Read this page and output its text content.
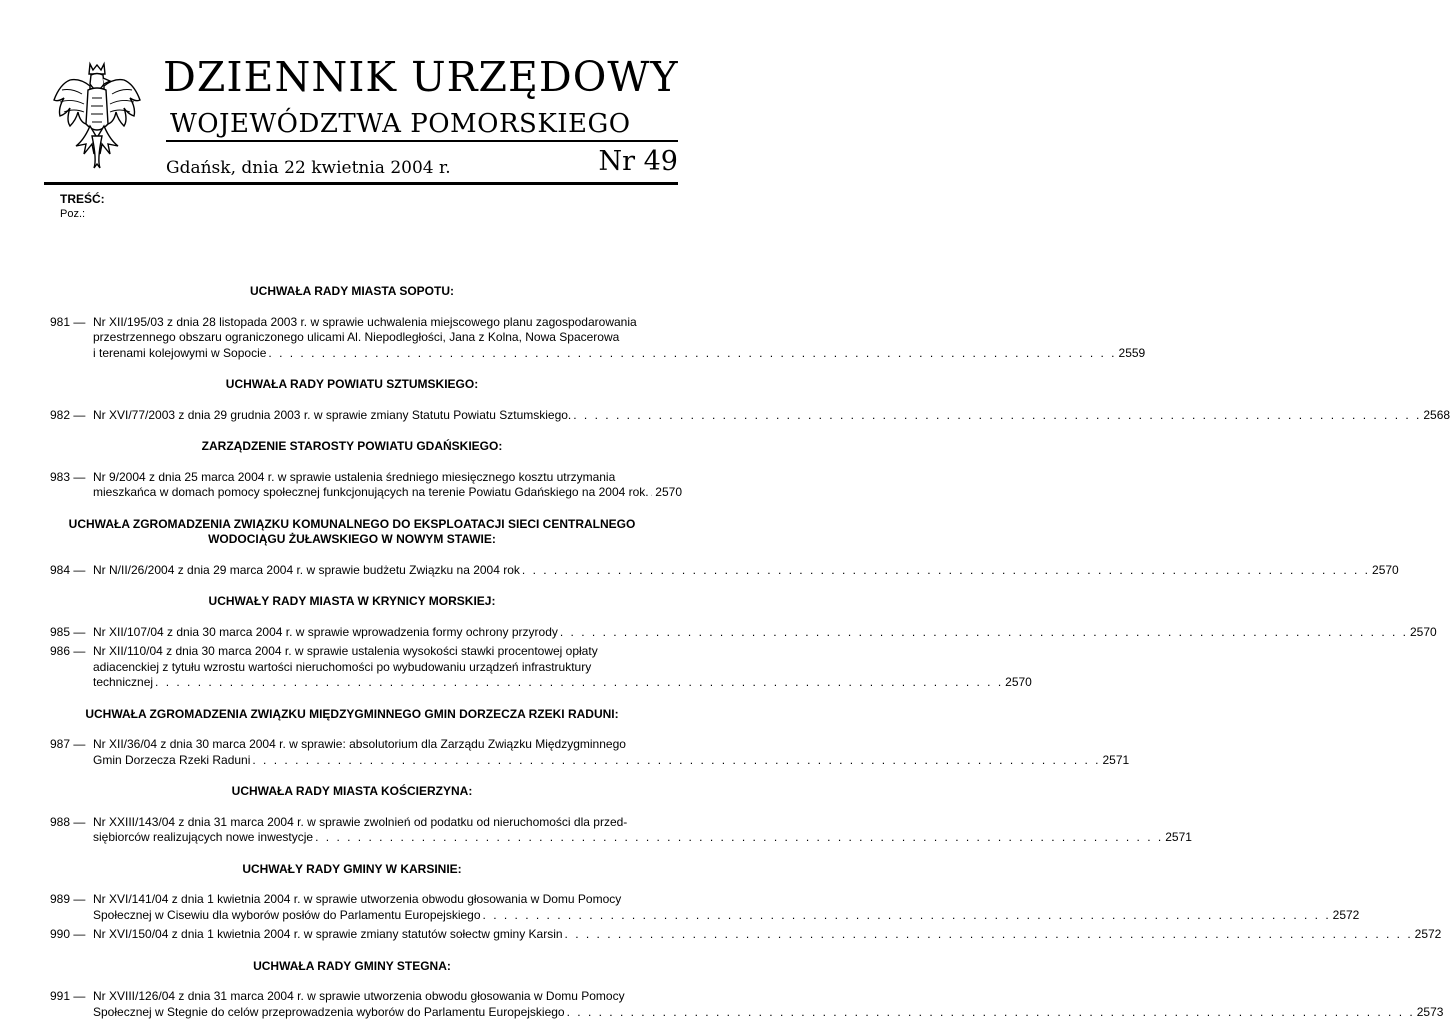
DZIENNIK URZĘDOWY
WOJEWÓDZTWA POMORSKIEGO
Gdańsk, dnia 22 kwietnia 2004 r.	Nr 49
TREŚĆ:
Poz.:
UCHWAŁA RADY MIASTA SOPOTU:
981 — Nr XII/195/03 z dnia 28 listopada 2003 r. w sprawie uchwalenia miejscowego planu zagospodarowania
przestrzennego obszaru ograniczonego ulicami Al. Niepodległości, Jana z Kolna, Nowa Spacerowa
i terenami kolejowymi w Sopocie . . . . . . . . . . . . . . . . . . . . . . . . . . . . . . . . . . . . . . . . . . . . . . . . . . . . . . . . . . . . . . . . . . . . . . . . . . . . . . . . 2559
UCHWAŁA RADY POWIATU SZTUMSKIEGO:
982 — Nr XVI/77/2003 z dnia 29 grudnia 2003 r. w sprawie zmiany Statutu Powiatu Sztumskiego. . . . . . . . . . . . . . . . . . . . . . . . . . . . . . . . . . . . . . . . . . . . . . . . . . . . . . . . . . . . . . . . . . . . . . . . . . . . . . . . . 2568
ZARZĄDZENIE STAROSTY POWIATU GDAŃSKIEGO:
983 — Nr 9/2004 z dnia 25 marca 2004 r. w sprawie ustalenia średniego miesięcznego kosztu utrzymania
mieszkańca w domach pomocy społecznej funkcjonujących na terenie Powiatu Gdańskiego na 2004 rok. 2570
UCHWAŁA ZGROMADZENIA ZWIĄZKU KOMUNALNEGO DO EKSPLOATACJI SIECI CENTRALNEGO WODOCIĄGU ŻUŁAWSKIEGO W NOWYM STAWIE:
984 — Nr N/II/26/2004 z dnia 29 marca 2004 r. w sprawie budżetu Związku na 2004 rok . . . . . . . . . . . . . . . . . . . . . . . . . . . . . . . . . . . . . . . . . . . . . . . . . . . . . . . . . . . . . . . . . . . . . . . . . . . . . . . . 2570
UCHWAŁY RADY MIASTA W KRYNICY MORSKIEJ:
985 — Nr XII/107/04 z dnia 30 marca 2004 r. w sprawie wprowadzenia formy ochrony przyrody . . . . . . . . . . . . . . . . . . . . . . . . . . . . . . . . . . . . . . . . . . . . . . . . . . . . . . . . . . . . . . . . . . . . . . . . . . . . . . . . 2570
986 — Nr XII/110/04 z dnia 30 marca 2004 r. w sprawie ustalenia wysokości stawki procentowej opłaty
adiacenckiej z tytułu wzrostu wartości nieruchomości po wybudowaniu urządzeń infrastruktury
technicznej . . . . . . . . . . . . . . . . . . . . . . . . . . . . . . . . . . . . . . . . . . . . . . . . . . . . . . . . . . . . . . . . . . . . . . . . . . . . . . . . 2570
UCHWAŁA ZGROMADZENIA ZWIĄZKU MIĘDZYGMINNEGO GMIN DORZECZA RZEKI RADUNI:
987 — Nr XII/36/04 z dnia 30 marca 2004 r. w sprawie: absolutorium dla Zarządu Związku Międzygminnego
Gmin Dorzecza Rzeki Raduni . . . . . . . . . . . . . . . . . . . . . . . . . . . . . . . . . . . . . . . . . . . . . . . . . . . . . . . . . . . . . . . . . . . . . . . . . . . . . . . . 2571
UCHWAŁA RADY MIASTA KOŚCIERZYNA:
988 — Nr XXIII/143/04 z dnia 31 marca 2004 r. w sprawie zwolnień od podatku od nieruchomości dla przed-
siębiorców realizujących nowe inwestycje . . . . . . . . . . . . . . . . . . . . . . . . . . . . . . . . . . . . . . . . . . . . . . . . . . . . . . . . . . . . . . . . . . . . . . . . . . . . . . . . 2571
UCHWAŁY RADY GMINY W KARSINIE:
989 — Nr XVI/141/04 z dnia 1 kwietnia 2004 r. w sprawie utworzenia obwodu głosowania w Domu Pomocy
Społecznej w Cisewiu dla wyborów posłów do Parlamentu Europejskiego . . . . . . . . . . . . . . . . . . . . . . . . . . . . . . . . . . . . . . . . . . . . . . . . . . . . . . . . . . . . . . . . . . . . . . . . . . . . . . . . 2572
990 — Nr XVI/150/04 z dnia 1 kwietnia 2004 r. w sprawie zmiany statutów sołectw gminy Karsin . . . . . . . . . . . . . . . . . . . . . . . . . . . . . . . . . . . . . . . . . . . . . . . . . . . . . . . . . . . . . . . . . . . . . . . . . . . . . . . . 2572
UCHWAŁA RADY GMINY STEGNA:
991 — Nr XVIII/126/04 z dnia 31 marca 2004 r. w sprawie utworzenia obwodu głosowania w Domu Pomocy
Społecznej w Stegnie do celów przeprowadzenia wyborów do Parlamentu Europejskiego . . . . . . . . . . . . . . . . . . . . . . . . . . . . . . . . . . . . . . . . . . . . . . . . . . . . . . . . . . . . . . . . . . . . . . . . . . . . . . . . 2573
